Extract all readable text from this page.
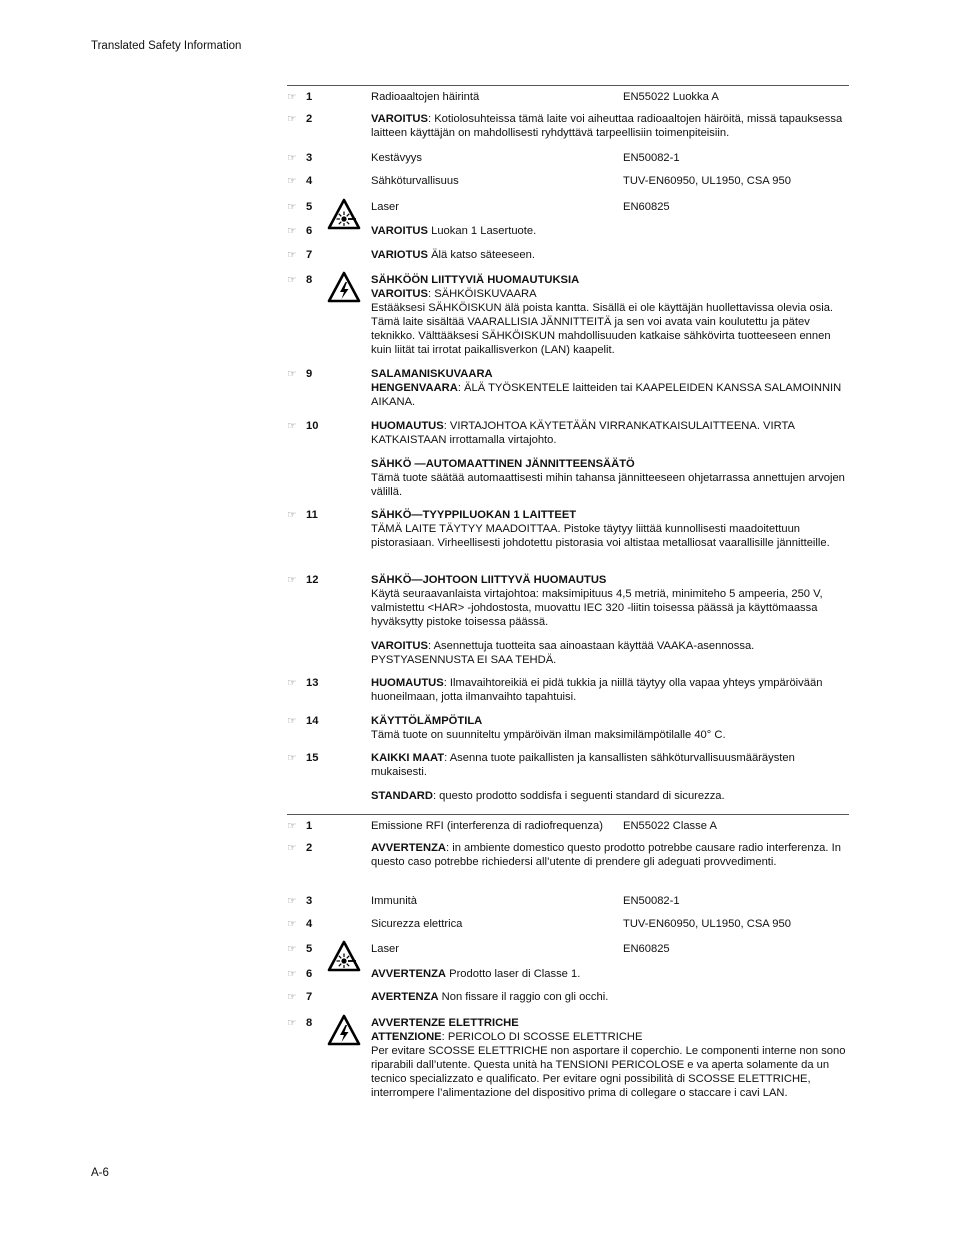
Translated Safety Information
☞ 1	Radioaaltojen häirintä	EN55022 Luokka A
☞ 2	VAROITUS: Kotiolosuhteissa tämä laite voi aiheuttaa radioaaltojen häiröitä, missä tapauksessa laitteen käyttäjän on mahdollisesti ryhdyttävä tarpeellisiin toimenpiteisiin.
☞ 3	Kestävyys	EN50082-1
☞ 4	Sähköturvallisuus	TUV-EN60950, UL1950, CSA 950
☞ 5	Laser	EN60825
☞ 6	VAROITUS Luokan 1 Lasertuote.
☞ 7	VARIOTUS Älä katso säteeseen.
☞ 8	SÄHKÖÖN LIITTYVIÄ HUOMAUTUKSIA
VAROITUS: SÄHKÖISKUVAARA
Estääksesi SÄHKÖISKUN älä poista kantta. Sisällä ei ole käyttäjän huollettavissa olevia osia. Tämä laite sisältää VAARALLISIA JÄNNITTEITÄ ja sen voi avata vain koulutettu ja pätev teknikko. Välttääksesi SÄHKÖISKUN mahdollisuuden katkaise sähkövirta tuotteeseen ennen kuin liität tai irrotat paikallisverkon (LAN) kaapelit.
☞ 9	SALAMANISKUVAARA
HENGENVAARA: ÄLÄ TYÖSKENTELE laitteiden tai KAAPELEIDEN KANSSA SALAMOINNIN AIKANA.
☞ 10	HUOMAUTUS: VIRTAJOHTOA KÄYTETÄÄN VIRRANKATKAISULAITTEENA. VIRTA KATKAISTAAN irrottamalla virtajohto.
SÄHKÖ —AUTOMAATTINEN JÄNNITTEENSÄÄTÖ
Tämä tuote säätää automaattisesti mihin tahansa jännitteeseen ohjetarrassa annettujen arvojen välillä.
☞ 11	SÄHKÖ—TYYPPILUOKAN 1 LAITTEET
TÄMÄ LAITE TÄYTYY MAADOITTAA. Pistoke täytyy liittää kunnollisesti maadoitettuun pistorasiaan. Virheellisesti johdotettu pistorasia voi altistaa metalliosat vaarallisille jännitteille.
☞ 12	SÄHKÖ—JOHTOON LIITTYVÄ HUOMAUTUS
Käytä seuraavanlaista virtajohtoa: maksimipituus 4,5 metriä, minimiteho 5 ampeeria, 250 V, valmistettu <HAR> -johdostosta, muovattu IEC 320 -liitin toisessa päässä ja käyttömaassa hyväksytty pistoke toisessa päässä.
VAROITUS: Asennettuja tuotteita saa ainoastaan käyttää VAAKA-asennossa. PYSTYASENNUSTA EI SAA TEHDÄ.
☞ 13	HUOMAUTUS: Ilmavaihtoreikiä ei pidä tukkia ja niillä täytyy olla vapaa yhteys ympäröivään huoneilmaan, jotta ilmanvaihto tapahtuisi.
☞ 14	KÄYTTÖLÄMPÖTILA
Tämä tuote on suunniteltu ympäröivän ilman maksimilämpötilalle 40° C.
☞ 15	KAIKKI MAAT: Asenna tuote paikallisten ja kansallisten sähköturvallisuusmääräysten mukaisesti.
STANDARD: questo prodotto soddisfa i seguenti standard di sicurezza.
☞ 1	Emissione RFI (interferenza di radiofrequenza) EN55022 Classe A
☞ 2	AVVERTENZA: in ambiente domestico questo prodotto potrebbe causare radio interferenza. In questo caso potrebbe richiedersi all’utente di prendere gli adeguati provvedimenti.
☞ 3	Immunità	EN50082-1
☞ 4	Sicurezza elettrica	TUV-EN60950, UL1950, CSA 950
☞ 5	Laser	EN60825
☞ 6	AVVERTENZA Prodotto laser di Classe 1.
☞ 7	AVERTENZA Non fissare il raggio con gli occhi.
☞ 8	AVVERTENZE ELETTRICHE
ATTENZIONE: PERICOLO DI SCOSSE ELETTRICHE
Per evitare SCOSSE ELETTRICHE non asportare il coperchio. Le componenti interne non sono riparabili dall’utente. Questa unità ha TENSIONI PERICOLOSE e va aperta solamente da un tecnico specializzato e qualificato. Per evitare ogni possibilità di SCOSSE ELETTRICHE, interrompere l’alimentazione del dispositivo prima di collegare o staccare i cavi LAN.
A-6
